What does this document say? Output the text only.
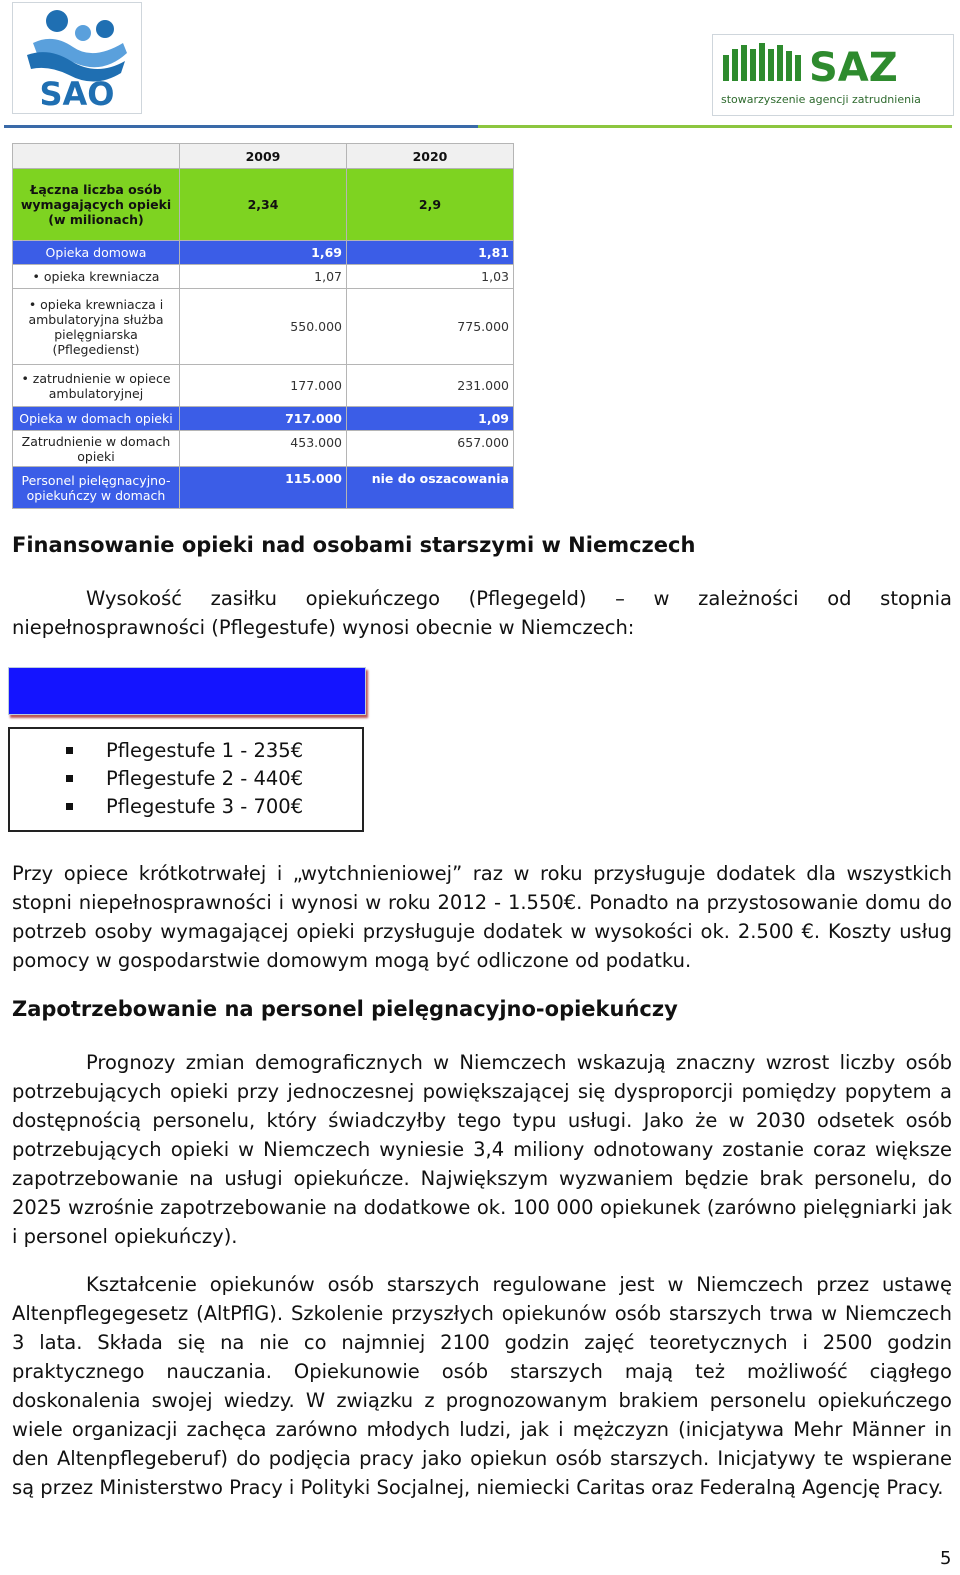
SAO
SAZ
stowarzyszenie agencji zatrudnienia
	2009	2020
Łączna liczba osób wymagających opieki (w milionach)	2,34	2,9
Opieka domowa	1,69	1,81
• opieka krewniacza	1,07	1,03
• opieka krewniacza i ambulatoryjna służba pielęgniarska (Pflegedienst)	550.000	775.000
• zatrudnienie w opiece ambulatoryjnej	177.000	231.000
Opieka w domach opieki	717.000	1,09
Zatrudnienie w domach opieki	453.000	657.000
Personel pielęgnacyjno-opiekuńczy w domach	115.000	nie do oszacowania
Finansowanie opieki nad osobami starszymi w Niemczech
Wysokość zasiłku opiekuńczego (Pflegegeld) – w zależności od stopnia niepełnosprawności (Pflegestufe) wynosi obecnie w Niemczech:
Pflegestufe 1 - 235€
Pflegestufe 2 - 440€
Pflegestufe 3 - 700€
Przy opiece krótkotrwałej i „wytchnieniowej” raz w roku przysługuje dodatek dla wszystkich stopni niepełnosprawności i wynosi w roku 2012 - 1.550€. Ponadto na przystosowanie domu do potrzeb osoby wymagającej opieki przysługuje dodatek w wysokości ok. 2.500 €. Koszty usług pomocy w gospodarstwie domowym mogą być odliczone od podatku.
Zapotrzebowanie na personel pielęgnacyjno-opiekuńczy
Prognozy zmian demograficznych w Niemczech wskazują znaczny wzrost liczby osób potrzebujących opieki przy jednoczesnej powiększającej się dysproporcji pomiędzy popytem a dostępnością personelu, który świadczyłby tego typu usługi. Jako że w 2030 odsetek osób potrzebujących opieki w Niemczech wyniesie 3,4 miliony odnotowany zostanie coraz większe zapotrzebowanie na usługi opiekuńcze. Największym wyzwaniem będzie brak personelu, do 2025 wzrośnie zapotrzebowanie na dodatkowe ok. 100 000 opiekunek (zarówno pielęgniarki jak i personel opiekuńczy).
Kształcenie opiekunów osób starszych regulowane jest w Niemczech przez ustawę Altenpflegegesetz (AltPflG). Szkolenie przyszłych opiekunów osób starszych trwa w Niemczech 3 lata. Składa się na nie co najmniej 2100 godzin zajęć teoretycznych i 2500 godzin praktycznego nauczania. Opiekunowie osób starszych mają też możliwość ciągłego doskonalenia swojej wiedzy. W związku z prognozowanym brakiem personelu opiekuńczego wiele organizacji zachęca zarówno młodych ludzi, jak i mężczyzn (inicjatywa Mehr Männer in den Altenpflegeberuf) do podjęcia pracy jako opiekun osób starszych. Inicjatywy te wspierane są przez Ministerstwo Pracy i Polityki Socjalnej, niemiecki Caritas oraz Federalną Agencję Pracy.
5
